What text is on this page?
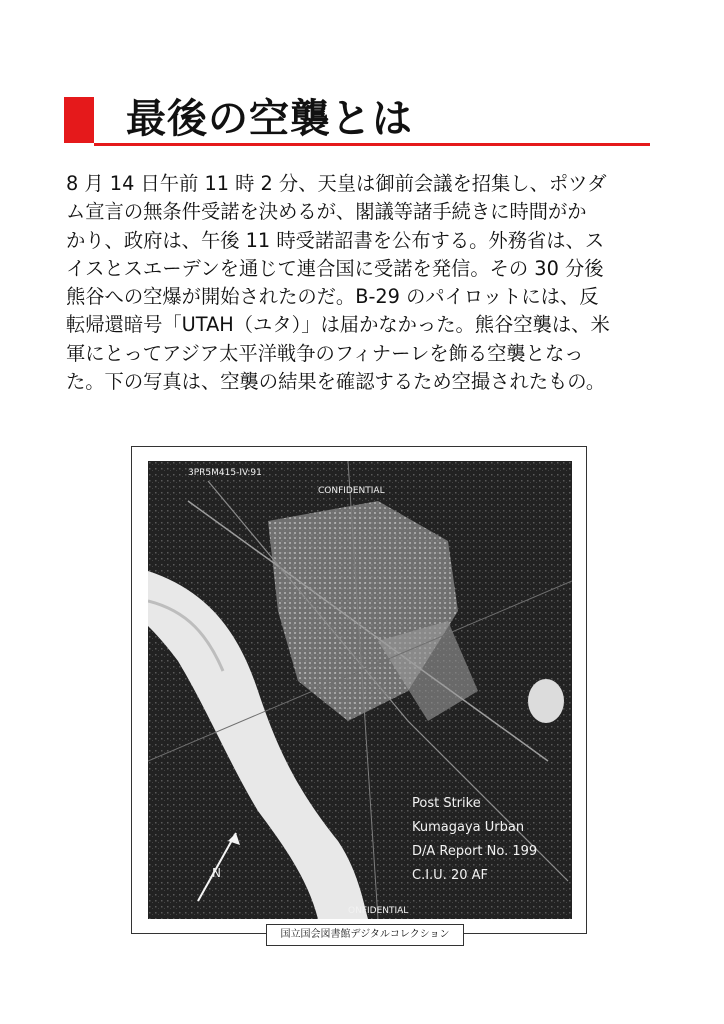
最後の空襲とは
8 月 14 日午前 11 時 2 分、天皇は御前会議を招集し、ポツダ
ム宣言の無条件受諾を決めるが、閣議等諸手続きに時間がか
かり、政府は、午後 11 時受諾詔書を公布する。外務省は、ス
イスとスエーデンを通じて連合国に受諾を発信。その 30 分後
熊谷への空爆が開始されたのだ。B-29 のパイロットには、反
転帰還暗号「UTAH（ユタ）」は届かなかった。熊谷空襲は、米
軍にとってアジア太平洋戦争のフィナーレを飾る空襲となっ
た。下の写真は、空襲の結果を確認するため空撮されたもの。
3PR5M415-IV:91
CONFIDENTIAL
ONFIDENTIAL
N
Post Strike
Kumagaya Urban
D/A Report No. 199
C.I.U. 20 AF
国立国会図書館デジタルコレクション
